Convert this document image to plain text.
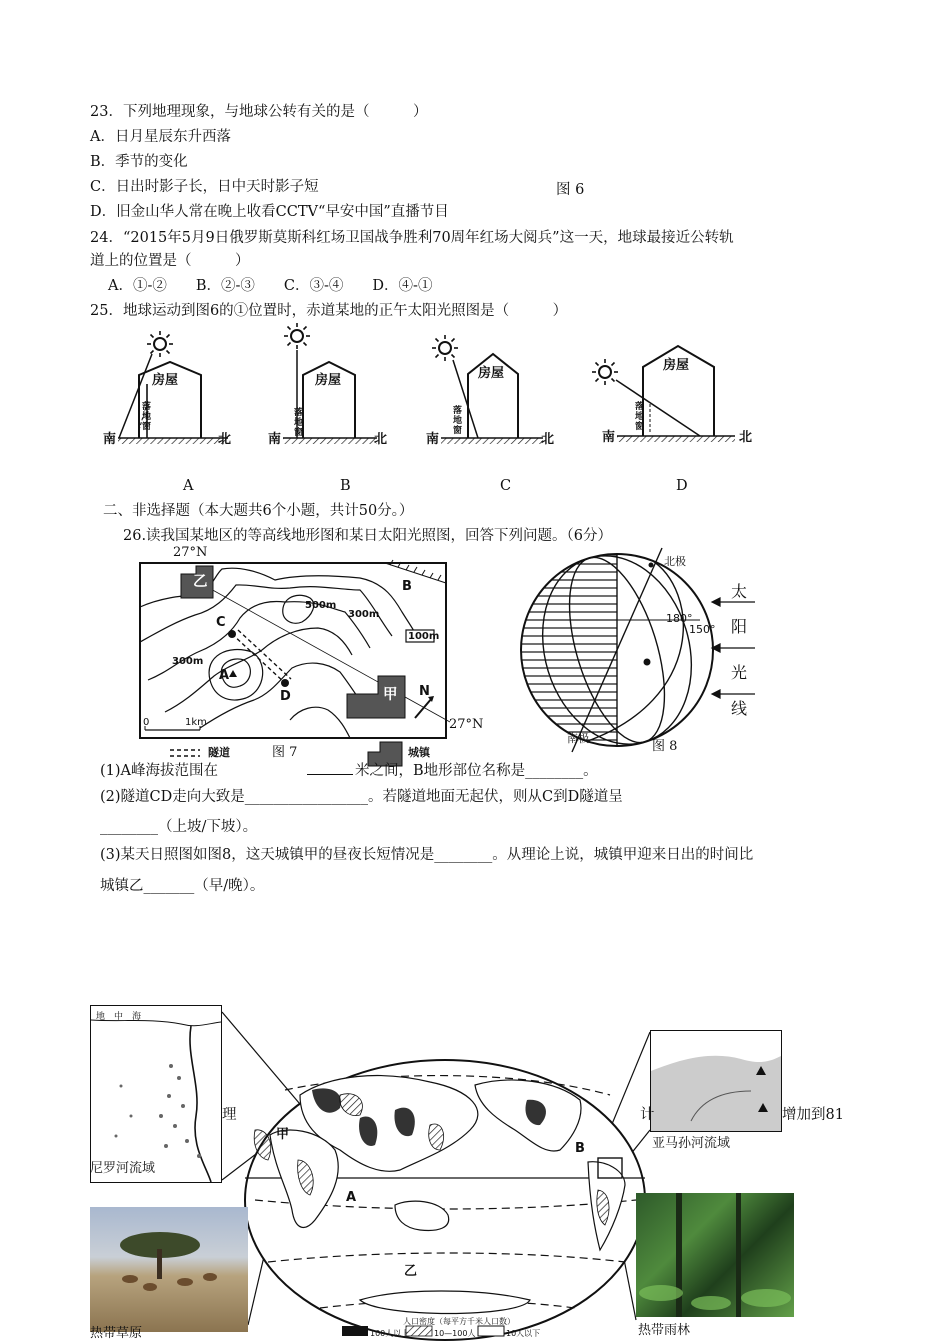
23．下列地理现象，与地球公转有关的是（　　　）
A．日月星辰东升西落
B．季节的变化
C．日出时影子长，日中天时影子短	图 6
D．旧金山华人常在晚上收看CCTV“早安中国”直播节目
24．“2015年5月9日俄罗斯莫斯科红场卫国战争胜利70周年红场大阅兵”这一天，地球最接近公转轨
道上的位置是（　　　）
A．①-②　　B．②-③　　C．③-④　　D．④-①
25．地球运动到图6的①位置时，赤道某地的正午太阳光照图是（　　　）
房屋	房屋	房屋
房屋
落地窗
落地窗
落地窗
落地窗
南	北	南	北	南	北	南	北
A	B	C	D
二、非选择题（本大题共6个小题，共计50分。）
26.读我国某地区的等高线地形图和某日太阳光照图，回答下列问题。（6分）
27°N
27°N
乙
甲
C
D
A
B
N
500m
300m
300m
100m
0	1km
隧道	城镇
图 7
北极
南极
180°
150°
太
阳
光
线
图 8
(1)A峰海拔范围在	米之间，B地形部位名称是________。
(2)隧道CD走向大致是_________________。若隧道地面无起伏，则从C到D隧道呈
________（上坡/下坡）。
(3)某天日照图如图8，这天城镇甲的昼夜长短情况是________。从理论上说，城镇甲迎来日出的时间比
城镇乙_______（早/晚）。
地　中　海
尼罗河流域
亚马孙河流域
热带草原	热带雨林
甲
乙
A
B
理	计	增加到81
人口密度（每平方千米人口数）
100人以上	10—100人	10人以下
